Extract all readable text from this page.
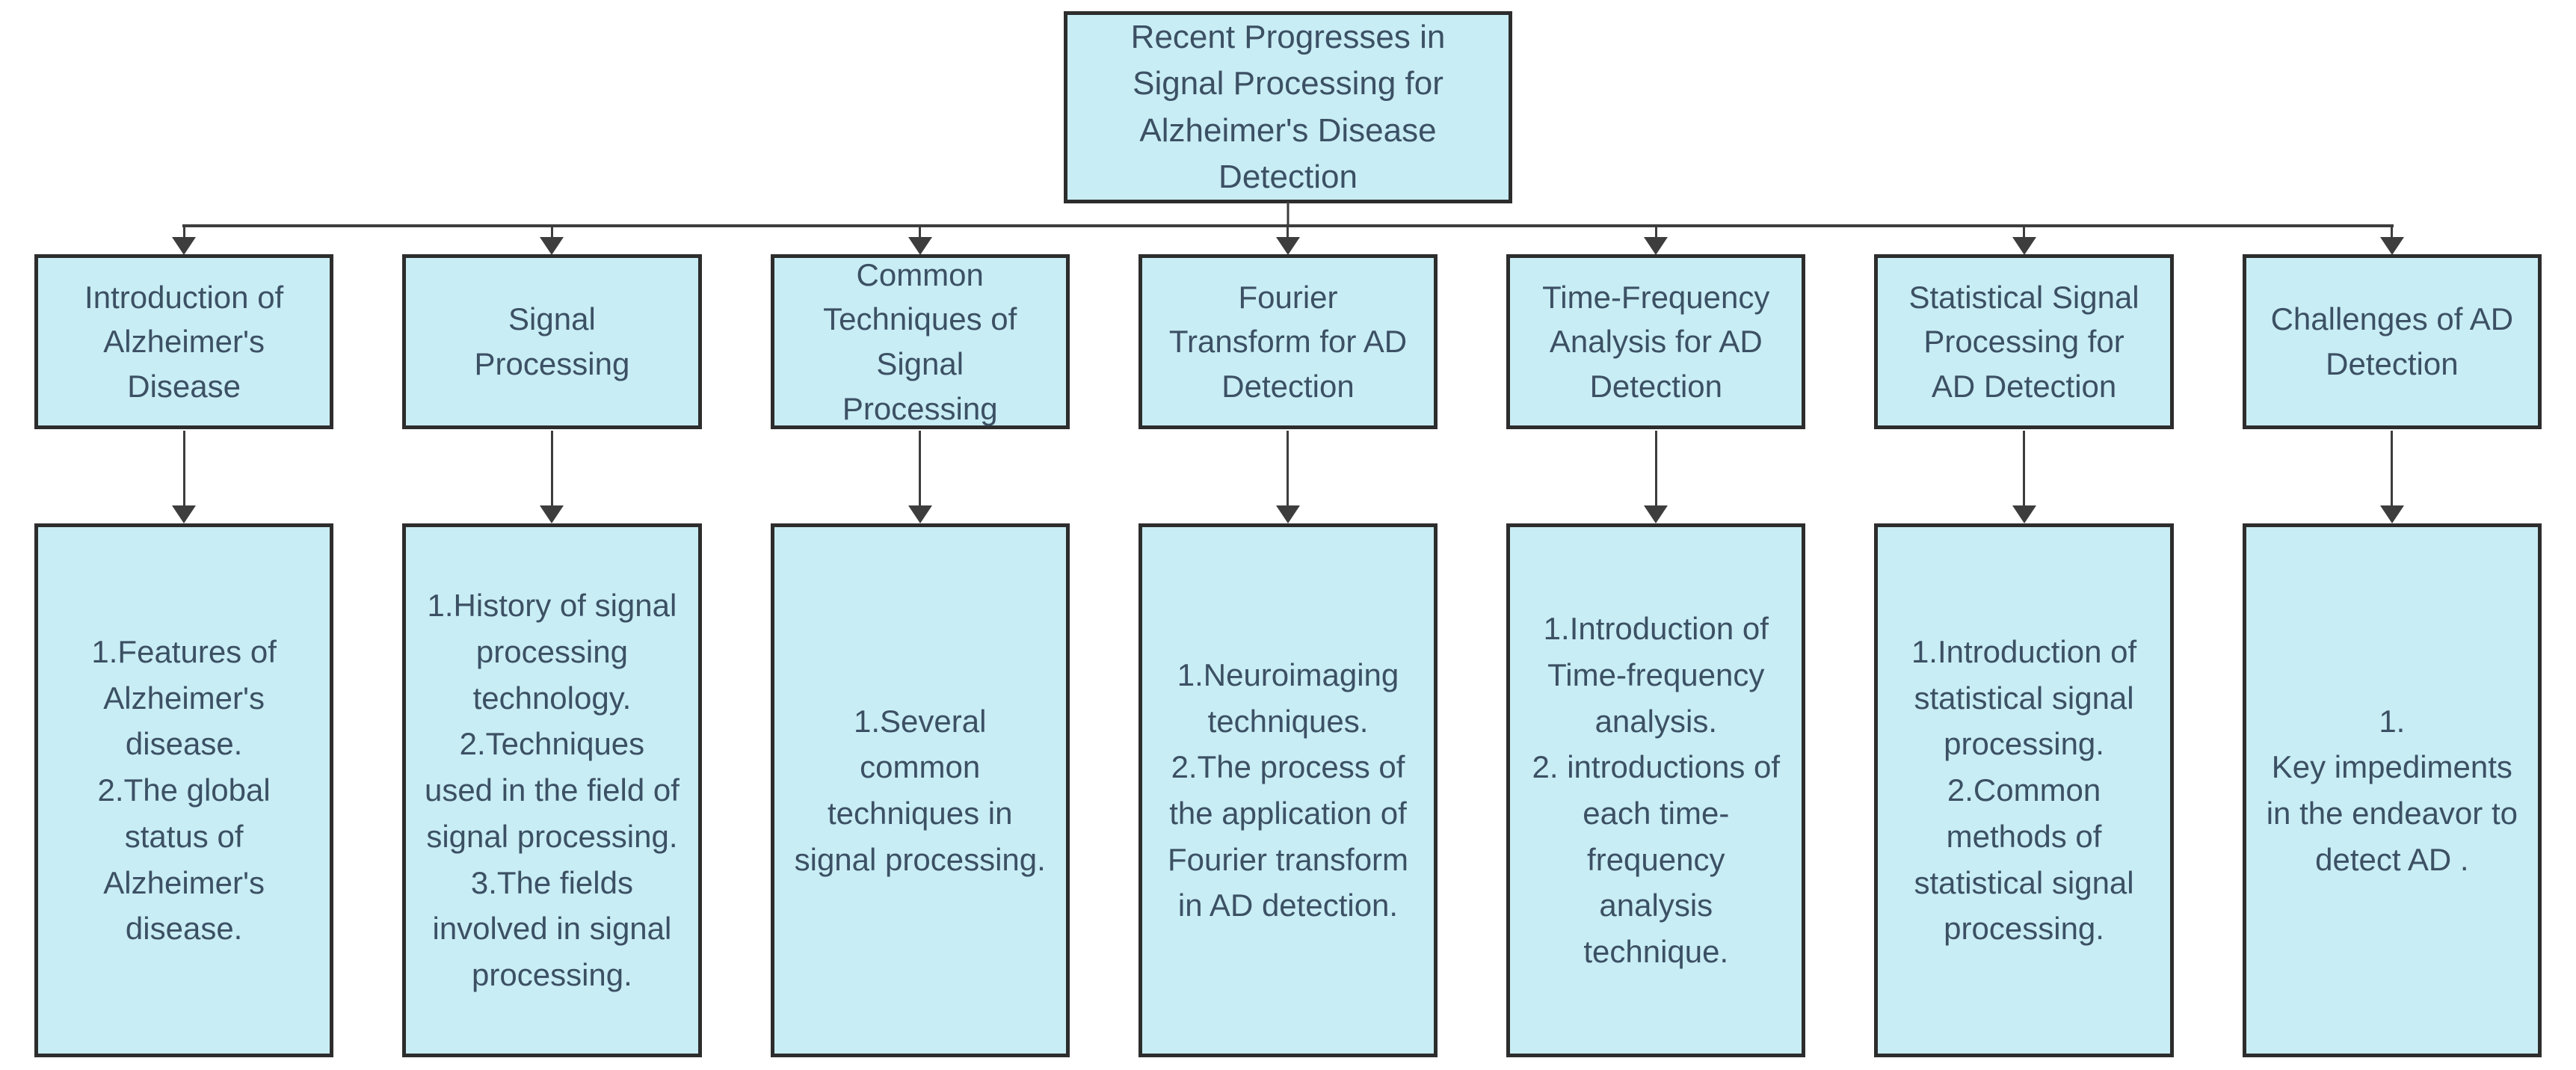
Recent Progresses in Signal Processing for Alzheimer's Disease Detection
Introduction of Alzheimer's Disease
1.Features of Alzheimer's disease.
2.The global status of Alzheimer's disease.
Signal Processing
1.History of signal processing technology.
2.Techniques used in the field of signal processing.
3.The fields involved in signal processing.
Common Techniques of Signal Processing
1.Several common techniques in signal processing.
Fourier Transform for AD Detection
1.Neuroimaging techniques.
2.The process of the application of Fourier transform in AD detection.
Time-Frequency Analysis for AD Detection
1.Introduction of Time-frequency analysis.
2. introductions of each time-frequency analysis technique.
Statistical Signal Processing for AD Detection
1.Introduction of statistical signal processing.
2.Common methods of statistical signal processing.
Challenges of AD Detection
1.
Key impediments in the endeavor to detect AD .
